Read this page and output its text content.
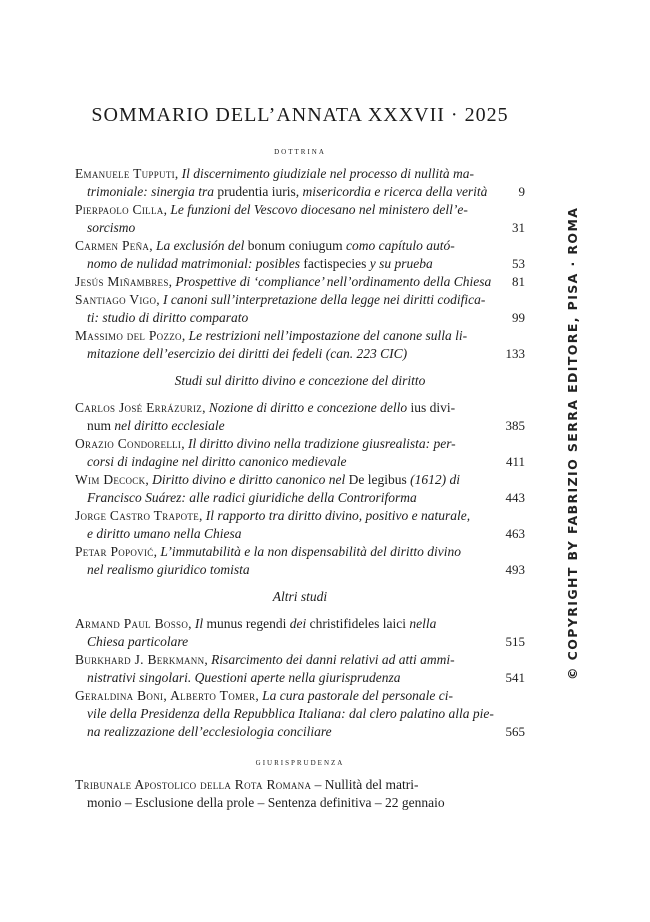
SOMMARIO DELL’ANNATA XXXVII · 2025
dottrina
Emanuele Tupputi, Il discernimento giudiziale nel processo di nullità ma-
trimoniale: sinergia tra prudentia iuris, misericordia e ricerca della verità	9
Pierpaolo Cilla, Le funzioni del Vescovo diocesano nel ministero dell’e-
sorcismo	31
Carmen Peña, La exclusión del bonum coniugum como capítulo autó-
nomo de nulidad matrimonial: posibles factispecies y su prueba	53
Jesús Miñambres, Prospettive di ‘compliance’ nell’ordinamento della Chiesa	81
Santiago Vigo, I canoni sull’interpretazione della legge nei diritti codifica-
ti: studio di diritto comparato	99
Massimo del Pozzo, Le restrizioni nell’impostazione del canone sulla li-
mitazione dell’esercizio dei diritti dei fedeli (can. 223 CIC)	133
Studi sul diritto divino e concezione del diritto
Carlos José Errázuriz, Nozione di diritto e concezione dello ius divi-
num nel diritto ecclesiale	385
Orazio Condorelli, Il diritto divino nella tradizione giusrealista: per-
corsi di indagine nel diritto canonico medievale	411
Wim Decock, Diritto divino e diritto canonico nel De legibus (1612) di
Francisco Suárez: alle radici giuridiche della Controriforma	443
Jorge Castro Trapote, Il rapporto tra diritto divino, positivo e naturale,
e diritto umano nella Chiesa	463
Petar Popović, L’immutabilità e la non dispensabilità del diritto divino
nel realismo giuridico tomista	493
Altri studi
Armand Paul Bosso, Il munus regendi dei christifideles laici nella
Chiesa particolare	515
Burkhard J. Berkmann, Risarcimento dei danni relativi ad atti ammi-
nistrativi singolari. Questioni aperte nella giurisprudenza	541
Geraldina Boni, Alberto Tomer, La cura pastorale del personale ci-
vile della Presidenza della Repubblica Italiana: dal clero palatino alla pie-
na realizzazione dell’ecclesiologia conciliare	565
giurisprudenza
Tribunale Apostolico della Rota Romana – Nullità del matri-
monio – Esclusione della prole – Sentenza definitiva – 22 gennaio
© COPYRIGHT BY FABRIZIO SERRA EDITORE, PISA · ROMA
